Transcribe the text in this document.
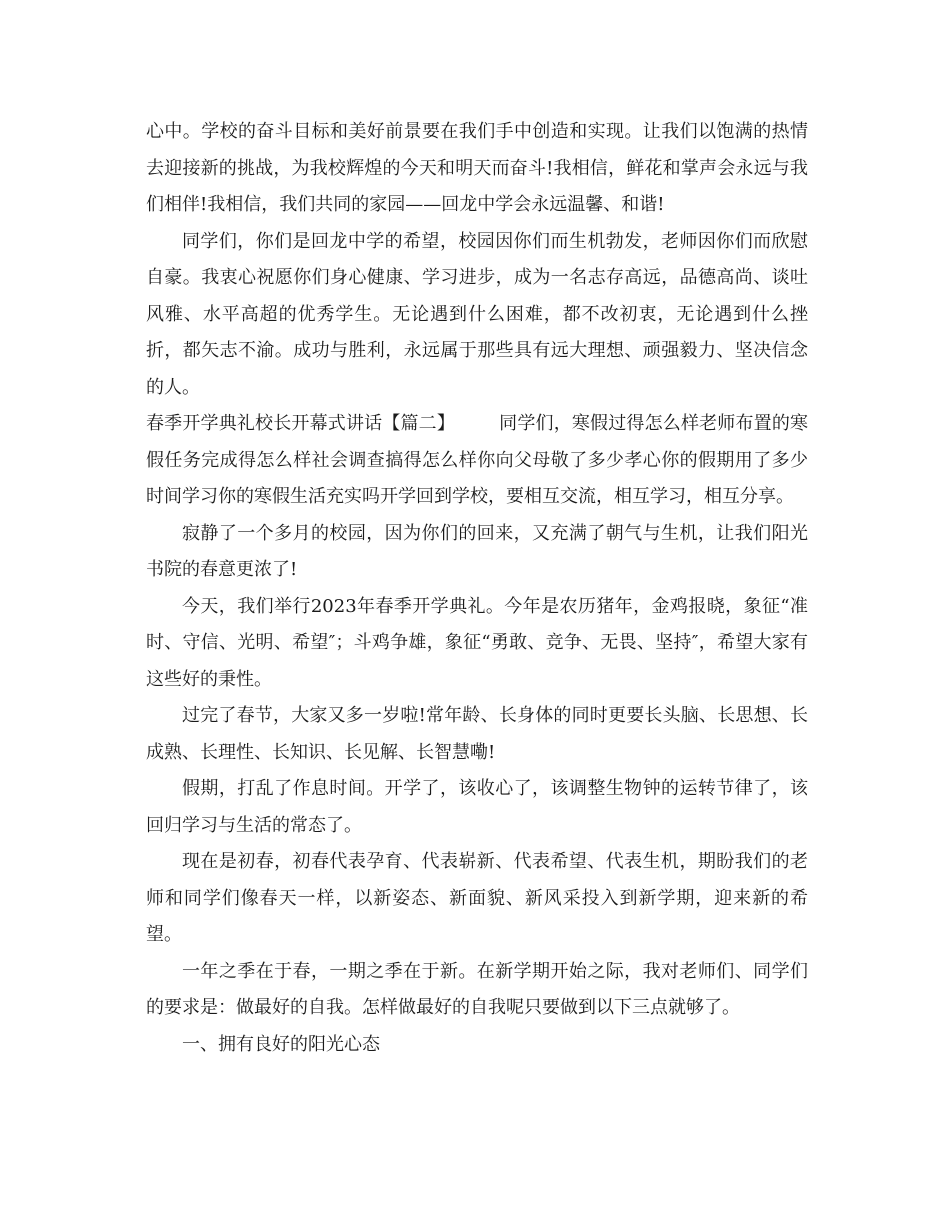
心中。学校的奋斗目标和美好前景要在我们手中创造和实现。让我们以饱满的热情去迎接新的挑战，为我校辉煌的今天和明天而奋斗!我相信，鲜花和掌声会永远与我们相伴!我相信，我们共同的家园——回龙中学会永远温馨、和谐!

同学们，你们是回龙中学的希望，校园因你们而生机勃发，老师因你们而欣慰自豪。我衷心祝愿你们身心健康、学习进步，成为一名志存高远，品德高尚、谈吐风雅、水平高超的优秀学生。无论遇到什么困难，都不改初衷，无论遇到什么挫折，都矢志不渝。成功与胜利，永远属于那些具有远大理想、顽强毅力、坚决信念的人。

春季开学典礼校长开幕式讲话【篇二】 同学们，寒假过得怎么样老师布置的寒假任务完成得怎么样社会调查搞得怎么样你向父母敬了多少孝心你的假期用了多少时间学习你的寒假生活充实吗开学回到学校，要相互交流，相互学习，相互分享。

寂静了一个多月的校园，因为你们的回来，又充满了朝气与生机，让我们阳光书院的春意更浓了!

今天，我们举行2023年春季开学典礼。今年是农历猪年，金鸡报晓，象征“准时、守信、光明、希望″；斗鸡争雄，象征“勇敢、竞争、无畏、坚持″，希望大家有这些好的秉性。

过完了春节，大家又多一岁啦!常年龄、长身体的同时更要长头脑、长思想、长成熟、长理性、长知识、长见解、长智慧嘞!

假期，打乱了作息时间。开学了，该收心了，该调整生物钟的运转节律了，该回归学习与生活的常态了。

现在是初春，初春代表孕育、代表崭新、代表希望、代表生机，期盼我们的老师和同学们像春天一样，以新姿态、新面貌、新风采投入到新学期，迎来新的希望。

一年之季在于春，一期之季在于新。在新学期开始之际，我对老师们、同学们的要求是：做最好的自我。怎样做最好的自我呢只要做到以下三点就够了。

一、拥有良好的阳光心态
